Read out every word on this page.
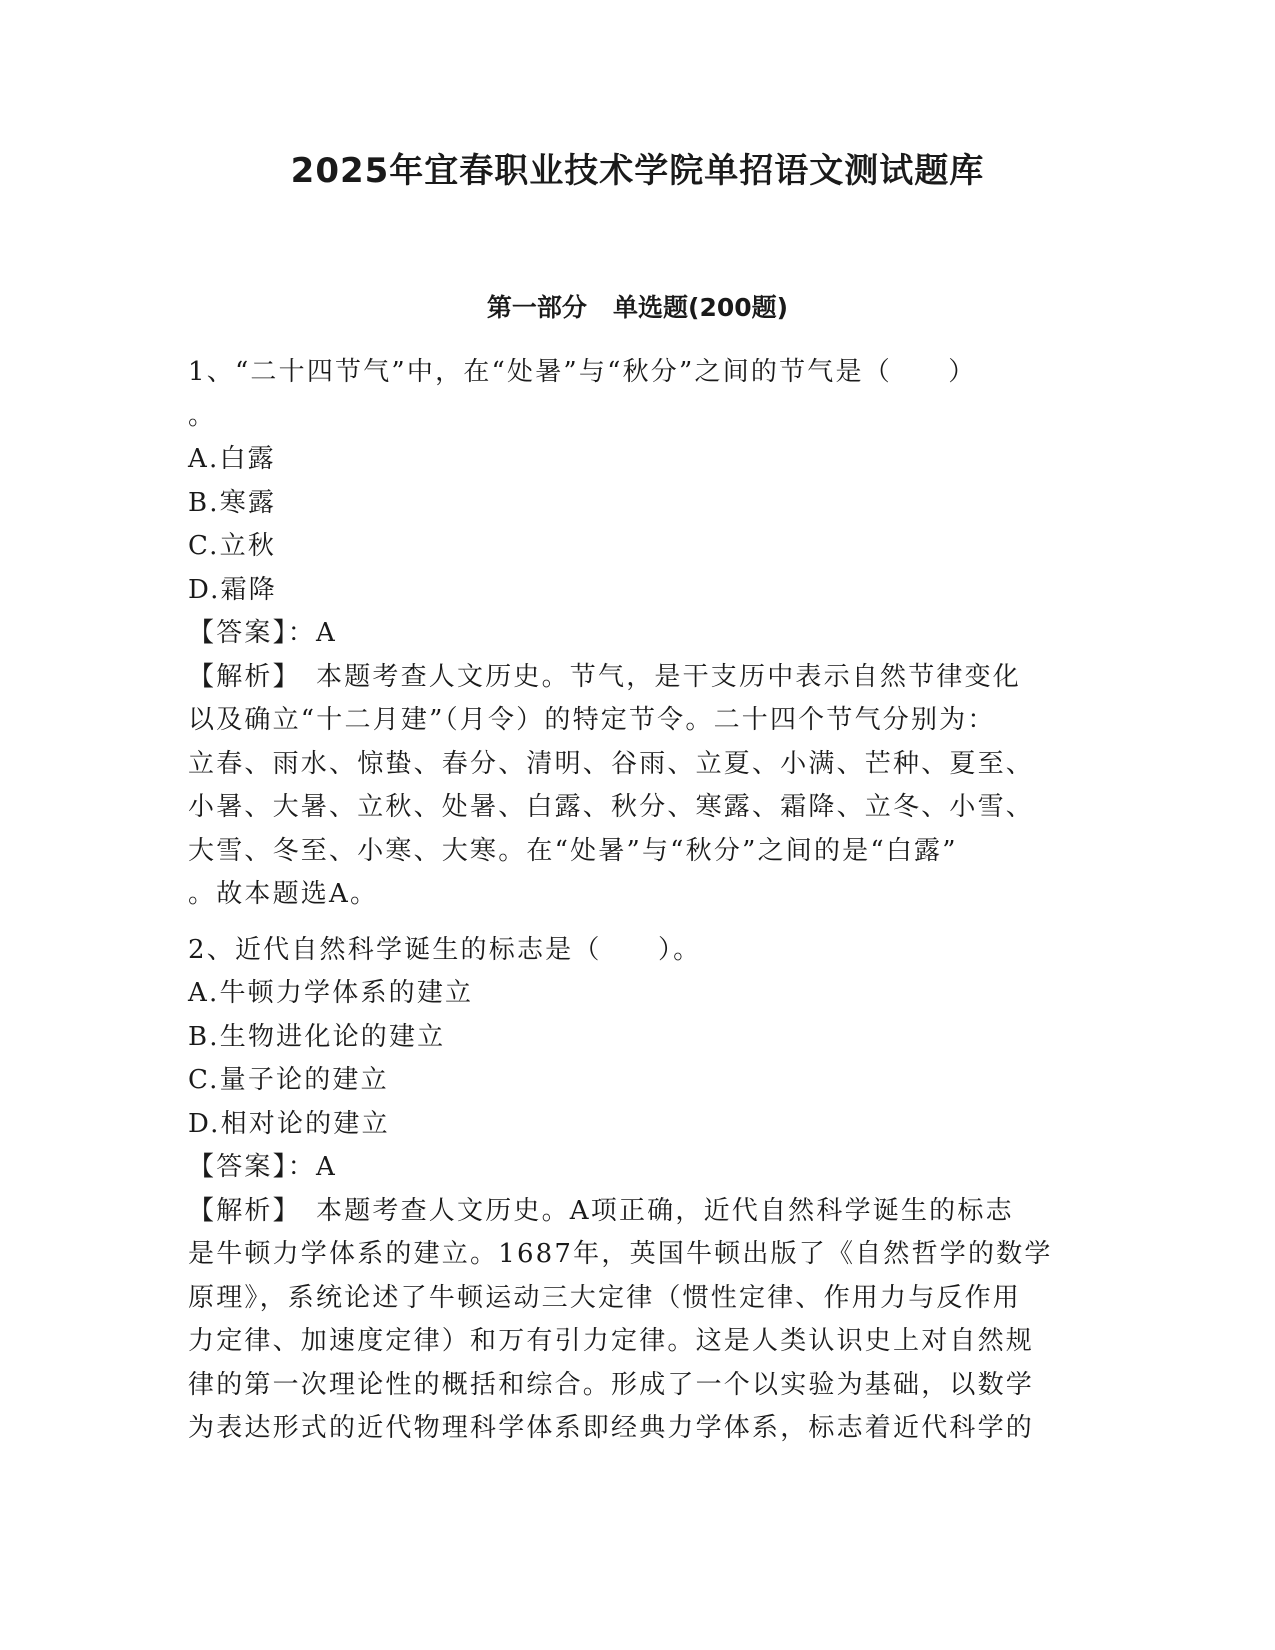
2025年宜春职业技术学院单招语文测试题库
第一部分   单选题(200题)
1、“二十四节气”中，在“处暑”与“秋分”之间的节气是（　　）
。
A.白露
B.寒露
C.立秋
D.霜降
【答案】：A
【解析】　本题考查人文历史。节气，是干支历中表示自然节律变化
以及确立“十二月建”（月令）的特定节令。二十四个节气分别为：
立春、雨水、惊蛰、春分、清明、谷雨、立夏、小满、芒种、夏至、
小暑、大暑、立秋、处暑、白露、秋分、寒露、霜降、立冬、小雪、
大雪、冬至、小寒、大寒。在“处暑”与“秋分”之间的是“白露”
。故本题选A。
2、近代自然科学诞生的标志是（　　）。
A.牛顿力学体系的建立
B.生物进化论的建立
C.量子论的建立
D.相对论的建立
【答案】：A
【解析】　本题考查人文历史。A项正确，近代自然科学诞生的标志
是牛顿力学体系的建立。1687年，英国牛顿出版了《自然哲学的数学
原理》，系统论述了牛顿运动三大定律（惯性定律、作用力与反作用
力定律、加速度定律）和万有引力定律。这是人类认识史上对自然规
律的第一次理论性的概括和综合。形成了一个以实验为基础，以数学
为表达形式的近代物理科学体系即经典力学体系，标志着近代科学的
